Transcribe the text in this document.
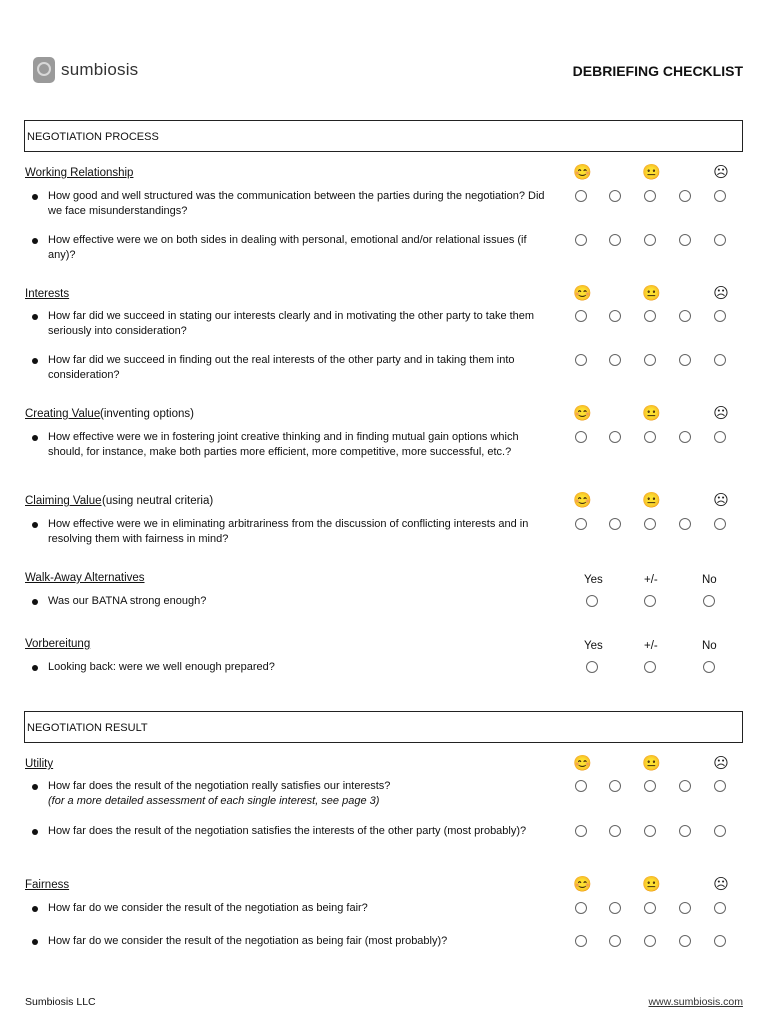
sumbiosis	DEBRIEFING CHECKLIST
NEGOTIATION PROCESS
Working Relationship	😊	😐	☹
How good and well structured was the communication between the parties during the negotiation? Did we face misunderstandings?
How effective were we on both sides in dealing with personal, emotional and/or relational issues (if any)?
Interests	😊	😐	☹
How far did we succeed in stating our interests clearly and in motivating the other party to take them seriously into consideration?
How far did we succeed in finding out the real interests of the other party and in taking them into consideration?
Creating Value (inventing options)	😊	😐	☹
How effective were we in fostering joint creative thinking and in finding mutual gain options which should, for instance, make both parties more efficient, more competitive, more successful, etc.?
Claiming Value (using neutral criteria)	😊	😐	☹
How effective were we in eliminating arbitrariness from the discussion of conflicting interests and in resolving them with fairness in mind?
Walk-Away Alternatives	Yes	+/-	No
Was our BATNA strong enough?
Vorbereitung	Yes	+/-	No
Looking back: were we well enough prepared?
Utility	😊	😐	☹
How far does the result of the negotiation really satisfies our interests?
(for a more detailed assessment of each single interest, see page 3)
How far does the result of the negotiation satisfies the interests of the other party (most probably)?
Fairness	😊	😐	☹
How far do we consider the result of the negotiation as being fair?
How far do we consider the result of the negotiation as being fair (most probably)?
NEGOTIATION RESULT
Sumbiosis LLC	www.sumbiosis.com
